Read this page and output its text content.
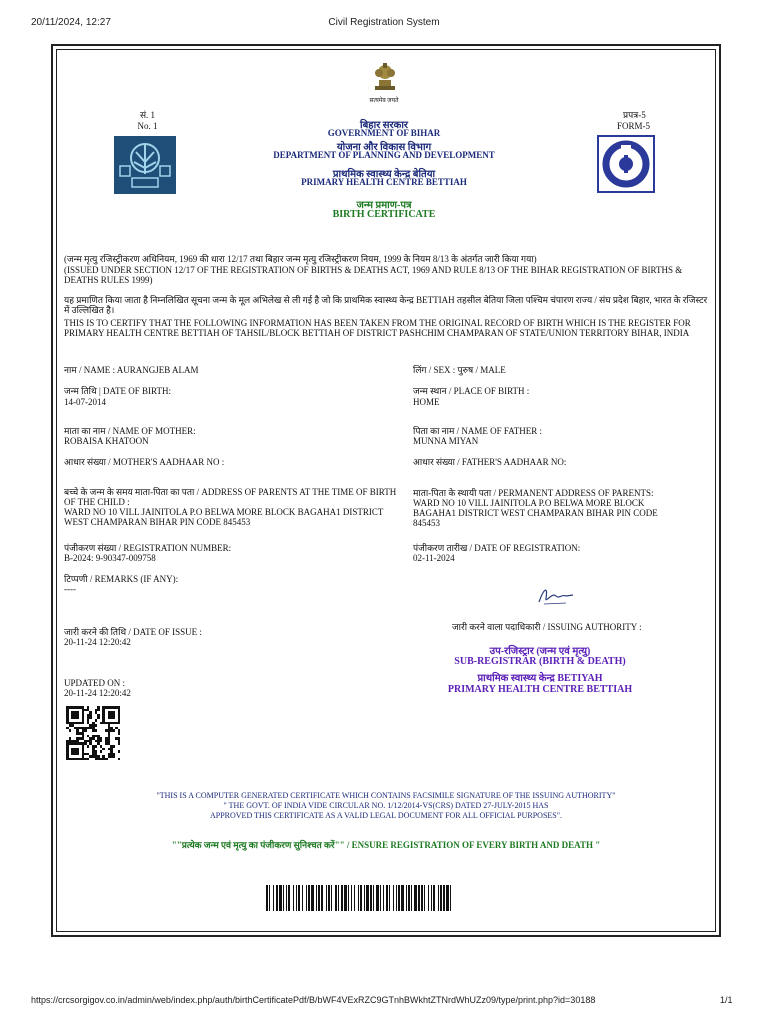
20/11/2024, 12:27	Civil Registration System
सत्यमेव जयते
सं. 1
No. 1
प्रपत्र-5
FORM-5
बिहार सरकार
GOVERNMENT OF BIHAR
योजना और विकास विभाग
DEPARTMENT OF PLANNING AND DEVELOPMENT
प्राथमिक स्वास्थ्य केन्द्र बेतिया
PRIMARY HEALTH CENTRE BETTIAH
जन्म प्रमाण-पत्र
BIRTH CERTIFICATE
(जन्म मृत्यु रजिस्ट्रीकरण अधिनियम, 1969 की धारा 12/17 तथा बिहार जन्म मृत्यु रजिस्ट्रीकरण नियम, 1999 के नियम 8/13 के अंतर्गत जारी किया गया)
(ISSUED UNDER SECTION 12/17 OF THE REGISTRATION OF BIRTHS & DEATHS ACT, 1969 AND RULE 8/13 OF THE BIHAR REGISTRATION OF BIRTHS & DEATHS RULES 1999)
यह प्रमाणित किया जाता है निम्नलिखित सूचना जन्म के मूल अभिलेख से ली गई है जो कि प्राथमिक स्वास्थ्य केन्द्र BETTIAH तहसील बेतिया जिला पश्चिम चंपारण राज्य / संघ प्रदेश बिहार, भारत के रजिस्टर में उल्लिखित है।
THIS IS TO CERTIFY THAT THE FOLLOWING INFORMATION HAS BEEN TAKEN FROM THE ORIGINAL RECORD OF BIRTH WHICH IS THE REGISTER FOR PRIMARY HEALTH CENTRE BETTIAH OF TAHSIL/BLOCK BETTIAH OF DISTRICT PASHCHIM CHAMPARAN OF STATE/UNION TERRITORY BIHAR, INDIA
नाम / NAME : AURANGJEB ALAM
जन्म तिथि | DATE OF BIRTH:
14-07-2014
माता का नाम / NAME OF MOTHER:
ROBAISA KHATOON
आधार संख्या / MOTHER'S AADHAAR NO :
बच्चे के जन्म के समय माता-पिता का पता / ADDRESS OF PARENTS AT THE TIME OF BIRTH OF THE CHILD :
WARD NO 10 VILL JAINITOLA P.O BELWA MORE BLOCK BAGAHA1 DISTRICT WEST CHAMPARAN BIHAR PIN CODE 845453
पंजीकरण संख्या / REGISTRATION NUMBER:
B-2024: 9-90347-009758
टिप्पणी / REMARKS (IF ANY):
----
जारी करने की तिथि / DATE OF ISSUE :
20-11-24 12:20:42
UPDATED ON :
20-11-24 12:20:42
लिंग / SEX : पुरुष / MALE
जन्म स्थान / PLACE OF BIRTH :
HOME
पिता का नाम / NAME OF FATHER :
MUNNA MIYAN
आधार संख्या / FATHER'S AADHAAR NO:
माता-पिता के स्थायी पता / PERMANENT ADDRESS OF PARENTS:
WARD NO 10 VILL JAINITOLA P.O BELWA MORE BLOCK BAGAHA1 DISTRICT WEST CHAMPARAN BIHAR PIN CODE 845453
पंजीकरण तारीख / DATE OF REGISTRATION:
02-11-2024
जारी करने वाला पदाधिकारी / ISSUING AUTHORITY :
उप-रजिस्ट्रार (जन्म एवं मृत्यु)
SUB-REGISTRAR (BIRTH & DEATH)
प्राथमिक स्वास्थ्य केन्द्र BETIYAH
PRIMARY HEALTH CENTRE BETTIAH
"THIS IS A COMPUTER GENERATED CERTIFICATE WHICH CONTAINS FACSIMILE SIGNATURE OF THE ISSUING AUTHORITY"
" THE GOVT. OF INDIA VIDE CIRCULAR NO. 1/12/2014-VS(CRS) DATED 27-JULY-2015 HAS
APPROVED THIS CERTIFICATE AS A VALID LEGAL DOCUMENT FOR ALL OFFICIAL PURPOSES".
""प्रत्येक जन्म एवं मृत्यु का पंजीकरण सुनिश्चत करें"" / ENSURE REGISTRATION OF EVERY BIRTH AND DEATH "
https://crcsorgigov.co.in/admin/web/index.php/auth/birthCertificatePdf/B/bWF4VExRZC9GTnhBWkhtZTNrdWhUZz09/type/print.php?id=30188	1/1
